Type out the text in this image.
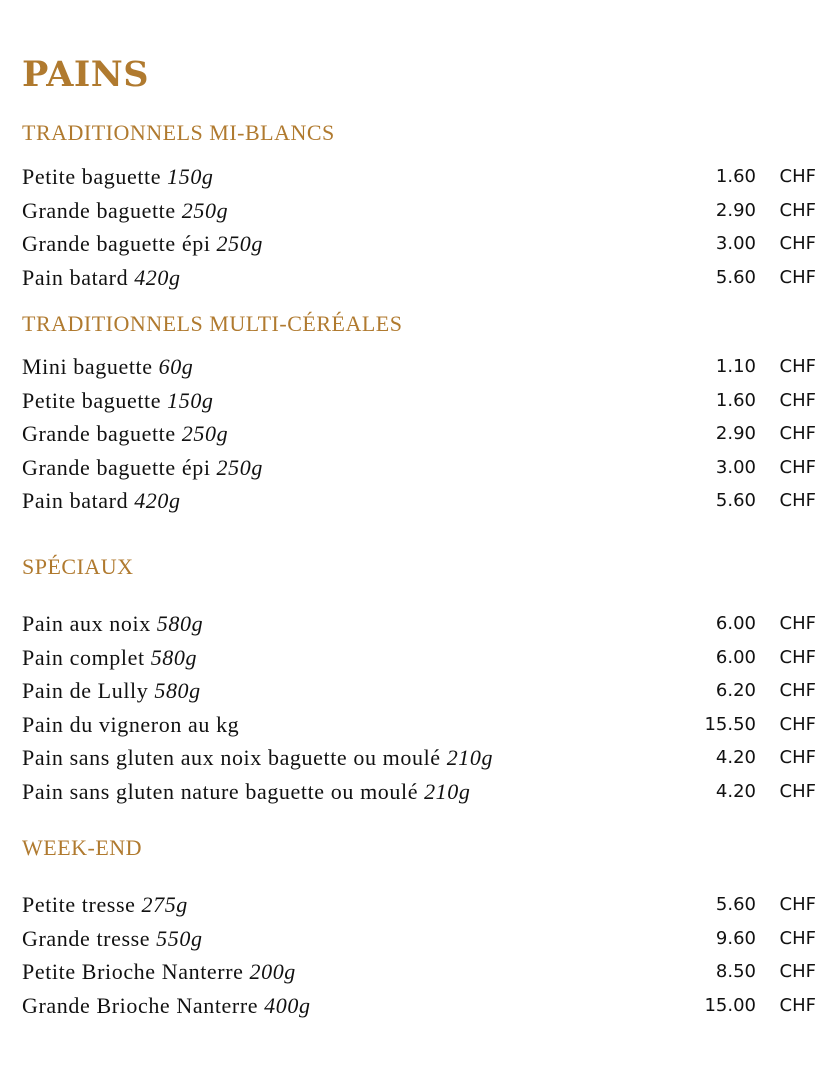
PAINS
TRADITIONNELS MI-BLANCS
Petite baguette 150g	1.60 CHF
Grande baguette 250g	2.90 CHF
Grande baguette épi 250g	3.00 CHF
Pain batard 420g	5.60 CHF
TRADITIONNELS MULTI-CÉRÉALES
Mini baguette 60g	1.10 CHF
Petite baguette 150g	1.60 CHF
Grande baguette 250g	2.90 CHF
Grande baguette épi 250g	3.00 CHF
Pain batard 420g	5.60 CHF
SPÉCIAUX
Pain aux noix 580g	6.00 CHF
Pain complet 580g	6.00 CHF
Pain de Lully 580g	6.20 CHF
Pain du vigneron au kg	15.50 CHF
Pain sans gluten aux noix baguette ou moulé 210g	4.20 CHF
Pain sans gluten nature baguette ou moulé 210g	4.20 CHF
WEEK-END
Petite tresse 275g	5.60 CHF
Grande tresse 550g	9.60 CHF
Petite Brioche Nanterre 200g	8.50 CHF
Grande Brioche Nanterre 400g	15.00 CHF
